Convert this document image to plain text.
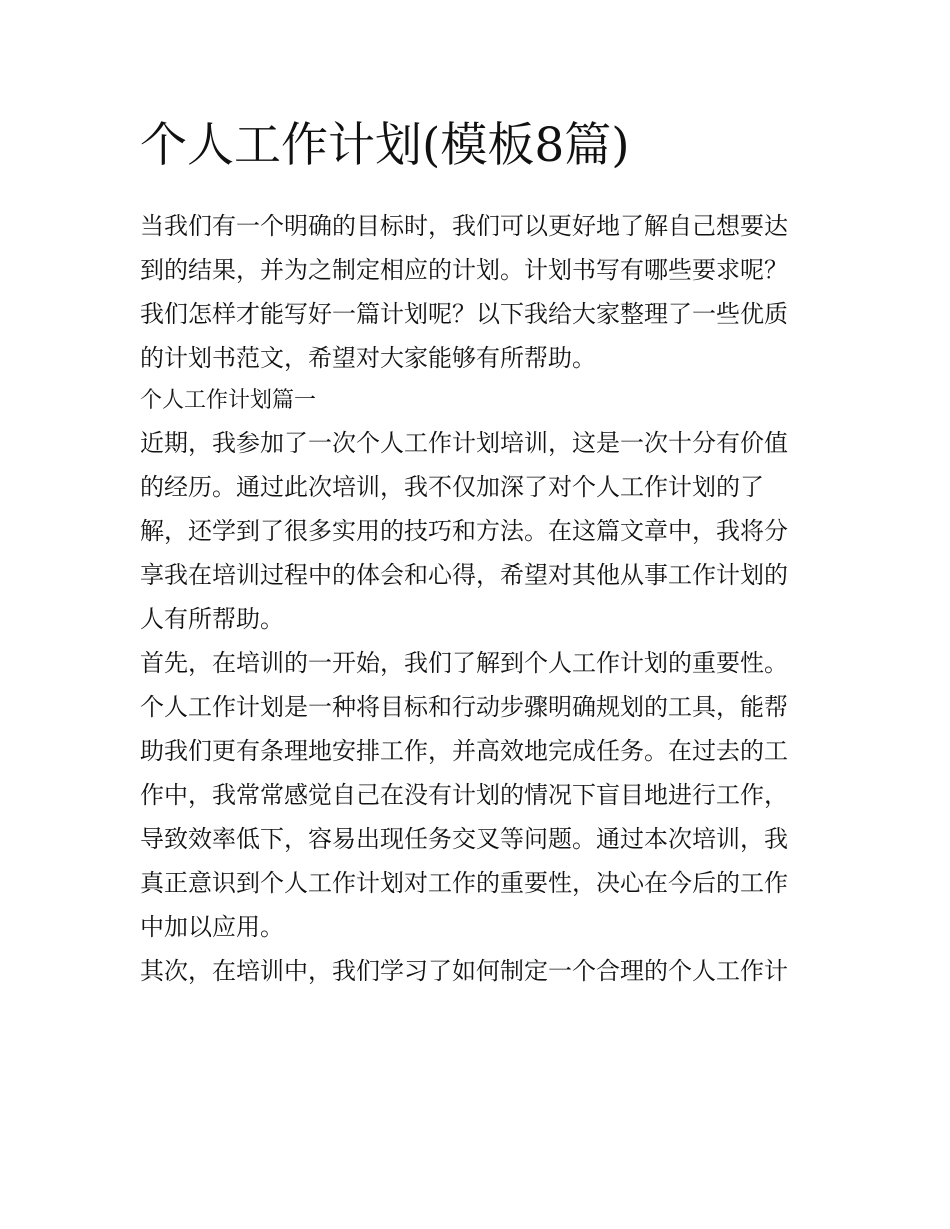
个人工作计划(模板8篇)
当我们有一个明确的目标时，我们可以更好地了解自己想要达
到的结果，并为之制定相应的计划。计划书写有哪些要求呢？
我们怎样才能写好一篇计划呢？以下我给大家整理了一些优质
的计划书范文，希望对大家能够有所帮助。
个人工作计划篇一
近期，我参加了一次个人工作计划培训，这是一次十分有价值
的经历。通过此次培训，我不仅加深了对个人工作计划的了
解，还学到了很多实用的技巧和方法。在这篇文章中，我将分
享我在培训过程中的体会和心得，希望对其他从事工作计划的
人有所帮助。
首先，在培训的一开始，我们了解到个人工作计划的重要性。
个人工作计划是一种将目标和行动步骤明确规划的工具，能帮
助我们更有条理地安排工作，并高效地完成任务。在过去的工
作中，我常常感觉自己在没有计划的情况下盲目地进行工作，
导致效率低下，容易出现任务交叉等问题。通过本次培训，我
真正意识到个人工作计划对工作的重要性，决心在今后的工作
中加以应用。
其次，在培训中，我们学习了如何制定一个合理的个人工作计
